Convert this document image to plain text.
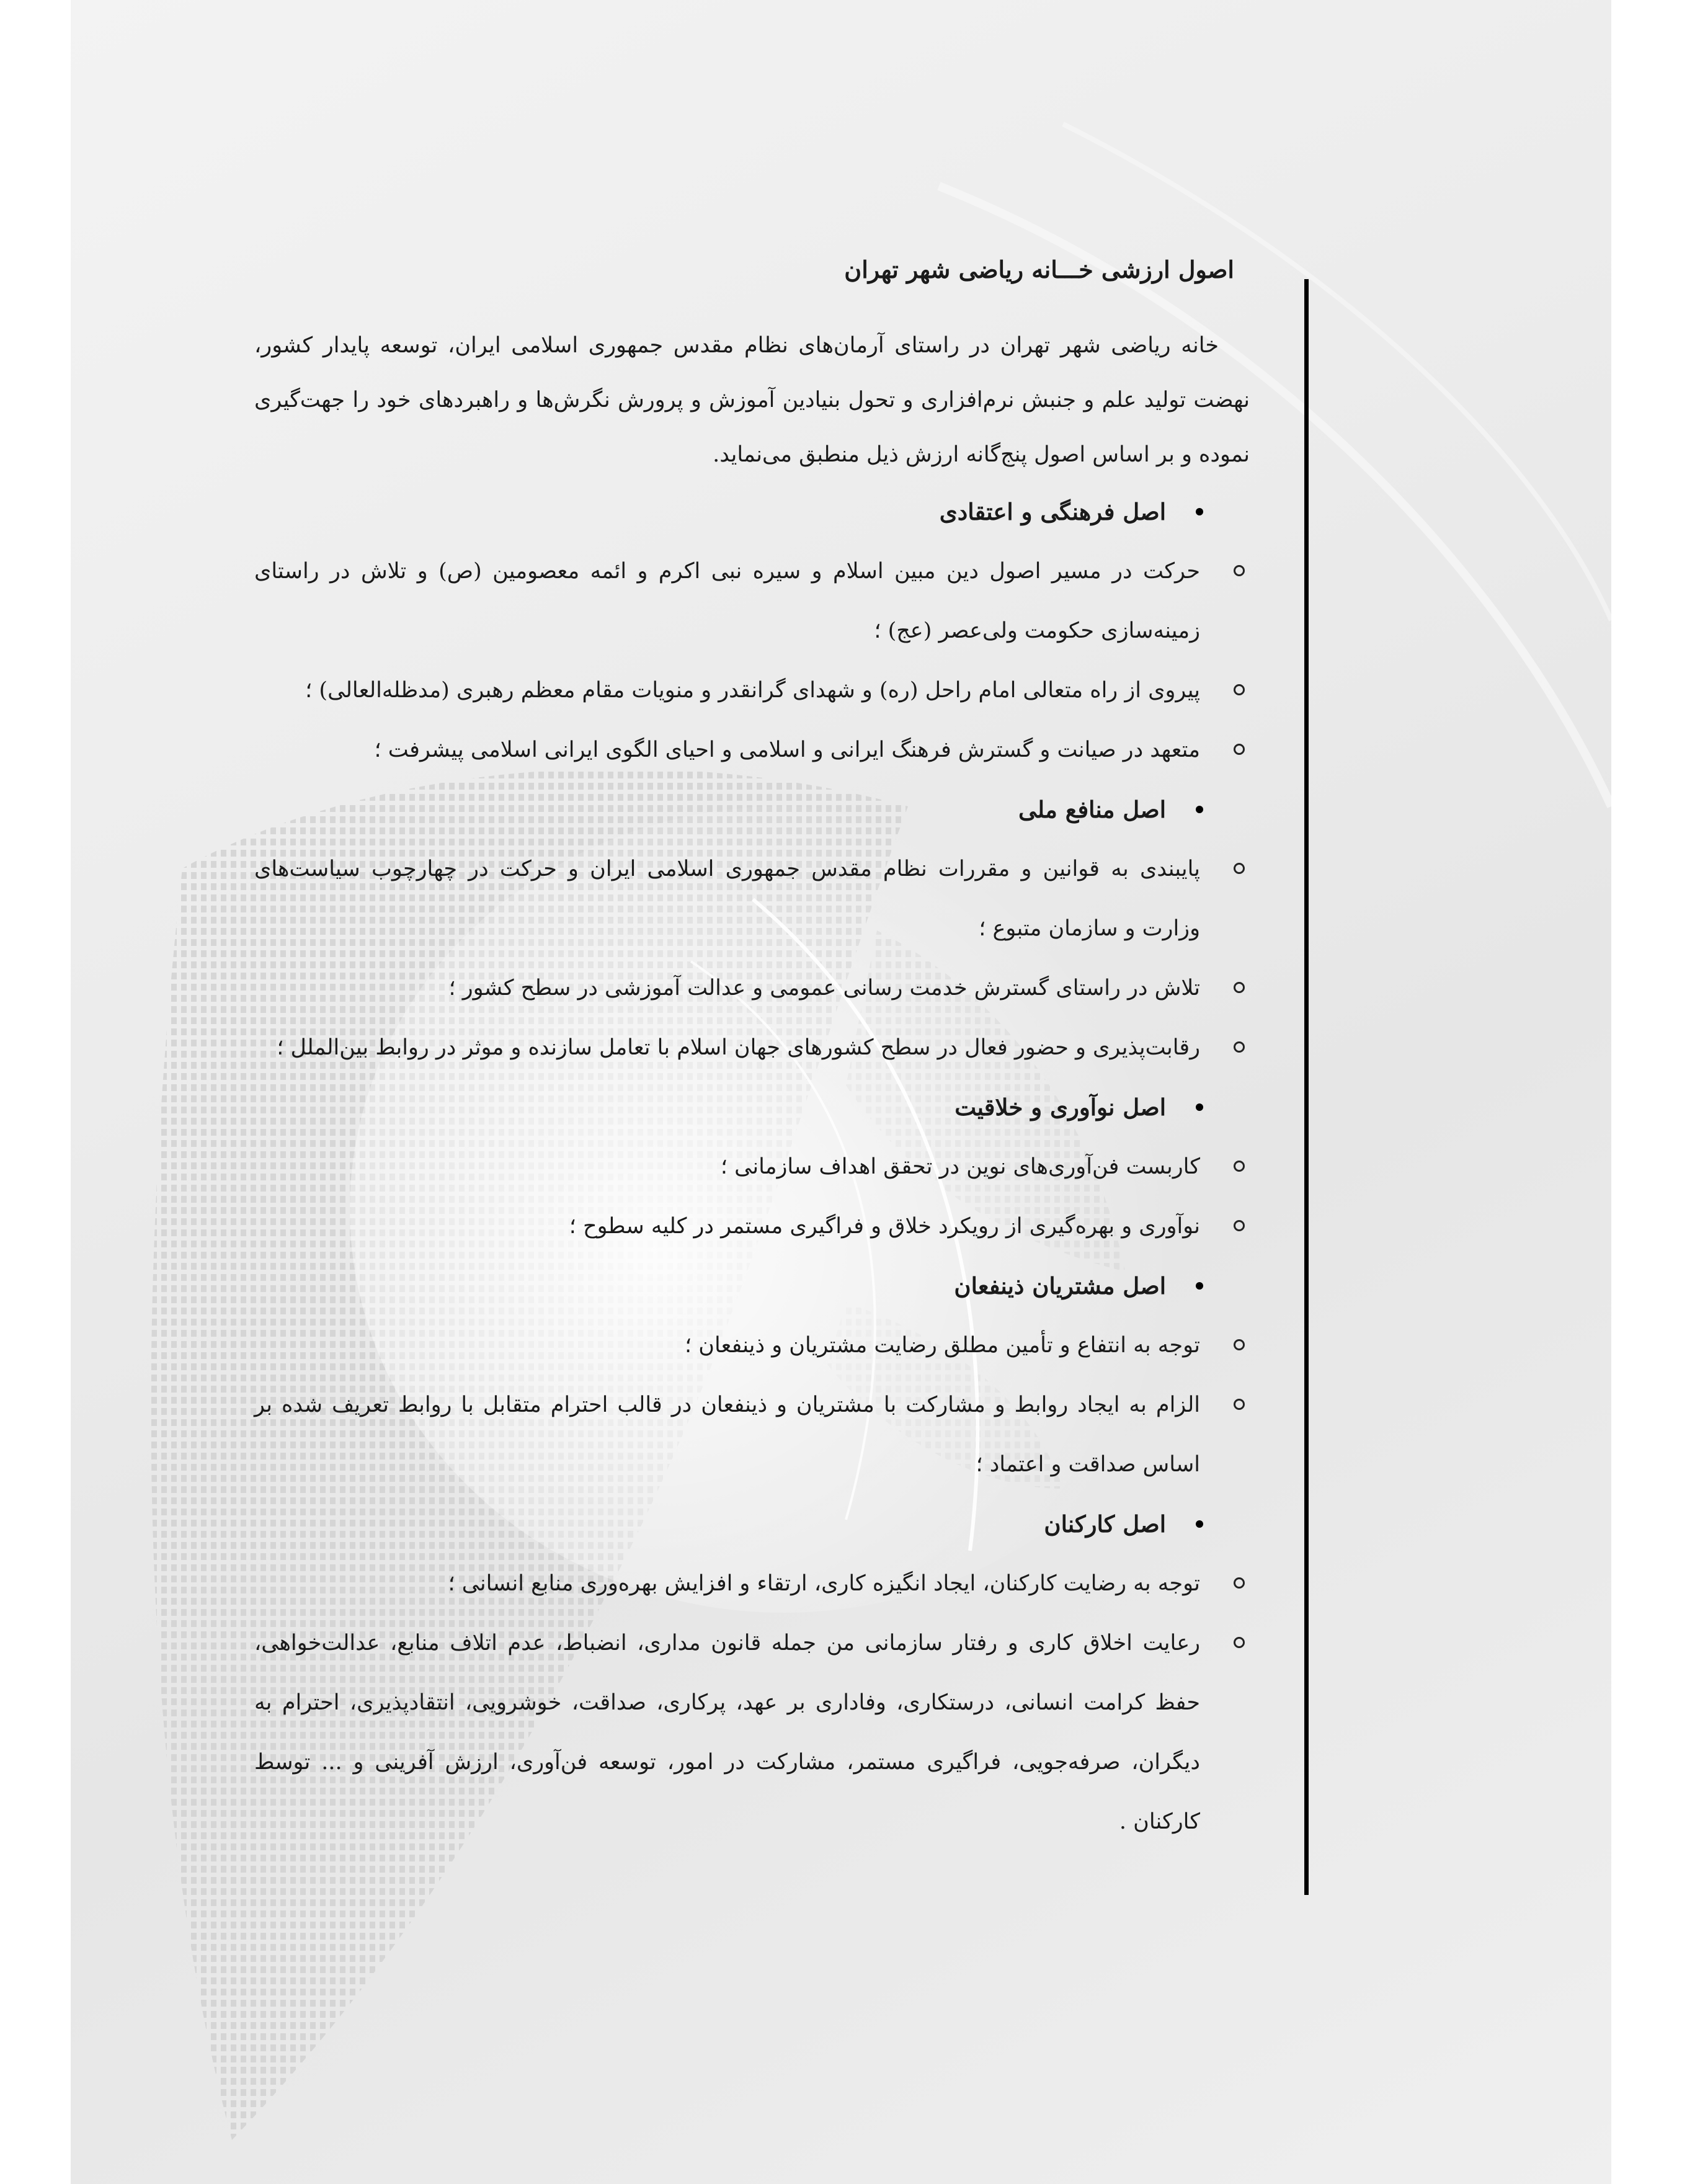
اصول ارزشی خـــانه ریاضی شهر تهران

خانه ریاضی شهر تهران در راستای آرمان‌های نظام مقدس جمهوری اسلامی ایران، توسعه پایدار کشور، نهضت تولید علم و جنبش نرم‌افزاری و تحول بنیادین آموزش و پرورش نگرش‌ها و راهبردهای خود را جهت‌گیری نموده و بر اساس اصول پنج‌گانه ارزش ذیل منطبق می‌نماید.

اصل فرهنگی و اعتقادی
حرکت در مسیر اصول دین مبین اسلام و سیره نبی اکرم و ائمه معصومین (ص) و تلاش در راستای زمینه‌سازی حکومت ولی‌عصر (عج) ؛
پیروی از راه متعالی امام راحل (ره) و شهدای گرانقدر و منویات مقام معظم رهبری (مدظله‌العالی) ؛
متعهد در صیانت و گسترش فرهنگ ایرانی و اسلامی و احیای الگوی ایرانی اسلامی پیشرفت ؛
اصل منافع ملی
پایبندی به قوانین و مقررات نظام مقدس جمهوری اسلامی ایران و حرکت در چهارچوب سیاست‌های وزارت و سازمان متبوع ؛
تلاش در راستای گسترش خدمت رسانی عمومی و عدالت آموزشی در سطح کشور ؛
رقابت‌پذیری و حضور فعال در سطح کشورهای جهان اسلام با تعامل سازنده و موثر در روابط بین‌الملل ؛
اصل نوآوری و خلاقیت
کاربست فن‌آوری‌های نوین در تحقق اهداف سازمانی ؛
نوآوری و بهره‌گیری از رویکرد خلاق و فراگیری مستمر در کلیه سطوح ؛
اصل مشتریان ذینفعان
توجه به انتفاع و تأمین مطلق رضایت مشتریان و ذینفعان ؛
الزام به ایجاد روابط و مشارکت با مشتریان و ذینفعان در قالب احترام متقابل با روابط تعریف شده بر اساس صداقت و اعتماد ؛
اصل کارکنان
توجه به رضایت کارکنان، ایجاد انگیزه کاری، ارتقاء و افزایش بهره‌وری منابع انسانی ؛
رعایت اخلاق کاری و رفتار سازمانی من جمله قانون مداری، انضباط، عدم اتلاف منابع، عدالت‌خواهی، حفظ کرامت انسانی، درستکاری، وفاداری بر عهد، پرکاری، صداقت، خوشرویی، انتقادپذیری، احترام به دیگران، صرفه‌جویی، فراگیری مستمر، مشارکت در امور، توسعه فن‌آوری، ارزش آفرینی و ... توسط کارکنان .
